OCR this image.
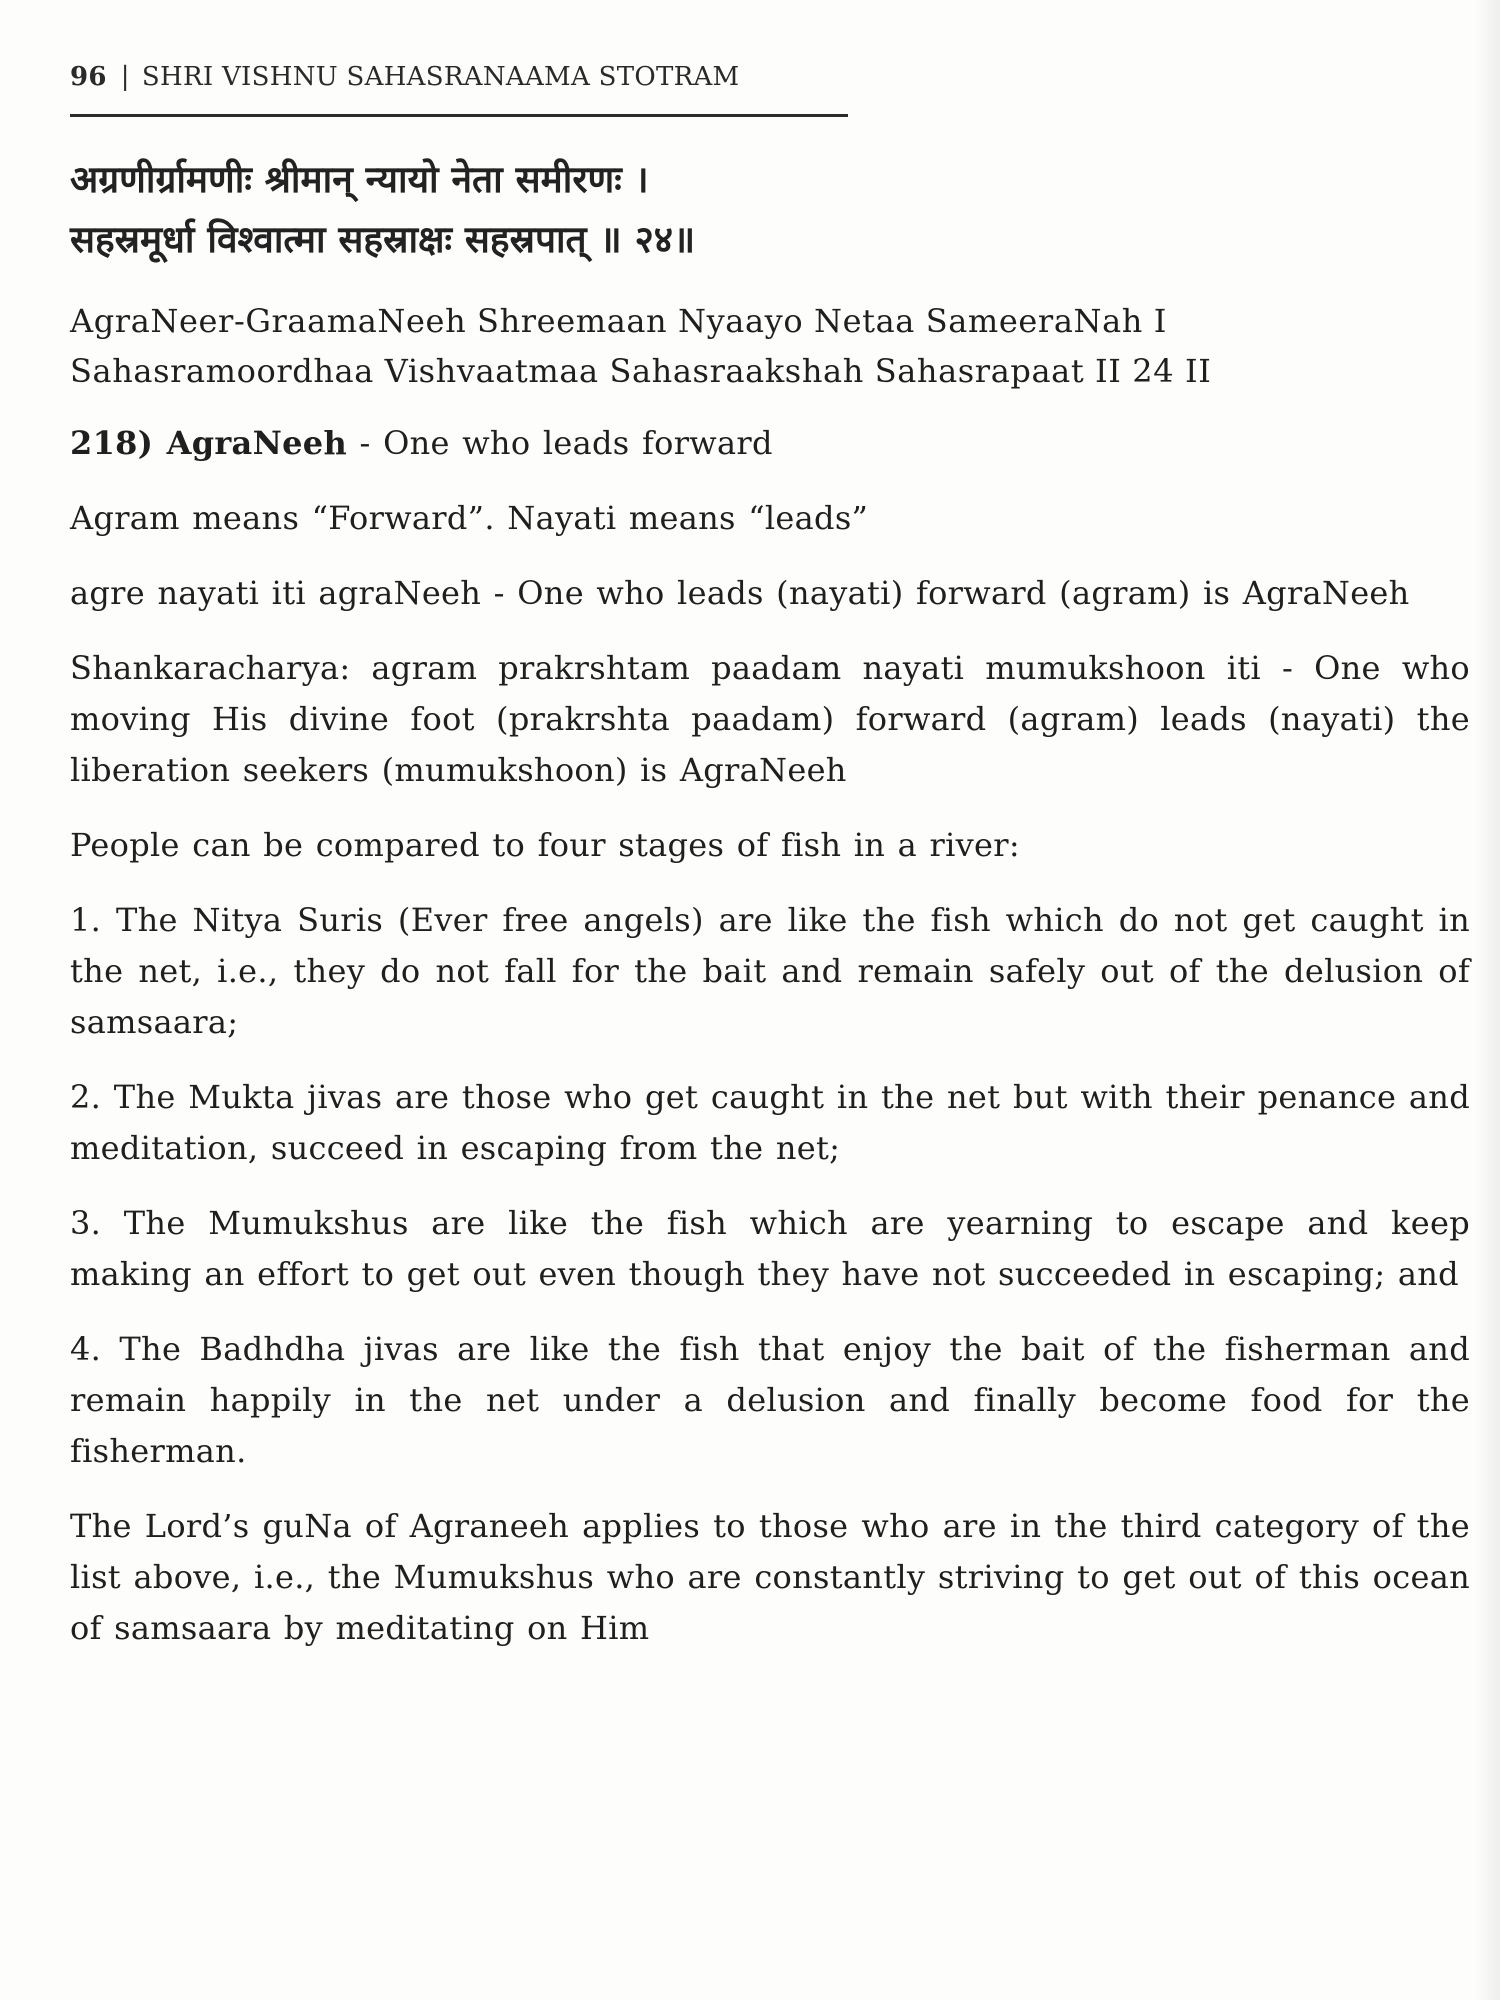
96 | SHRI VISHNU SAHASRANAAMA STOTRAM
अग्रणीर्ग्रामणीः श्रीमान् न्यायो नेता समीरणः ।
सहस्रमूर्धा विश्वात्मा सहस्राक्षः सहस्रपात् ॥ २४॥
AgraNeer-GraamaNeeh Shreemaan Nyaayo Netaa SameeraNah I
Sahasramoordhaa Vishvaatmaa Sahasraakshah Sahasrapaat II 24 II

218) AgraNeeh - One who leads forward

Agram means “Forward”. Nayati means “leads”

agre nayati iti agraNeeh - One who leads (nayati) forward (agram) is AgraNeeh

Shankaracharya: agram prakrshtam paadam nayati mumukshoon iti - One who moving His divine foot (prakrshta paadam) forward (agram) leads (nayati) the liberation seekers (mumukshoon) is AgraNeeh

People can be compared to four stages of fish in a river:

1. The Nitya Suris (Ever free angels) are like the fish which do not get caught in the net, i.e., they do not fall for the bait and remain safely out of the delusion of samsaara;

2. The Mukta jivas are those who get caught in the net but with their penance and meditation, succeed in escaping from the net;

3. The Mumukshus are like the fish which are yearning to escape and keep making an effort to get out even though they have not succeeded in escaping; and

4. The Badhdha jivas are like the fish that enjoy the bait of the fisherman and remain happily in the net under a delusion and finally become food for the fisherman.

The Lord’s guNa of Agraneeh applies to those who are in the third category of the list above, i.e., the Mumukshus who are constantly striving to get out of this ocean of samsaara by meditating on Him
